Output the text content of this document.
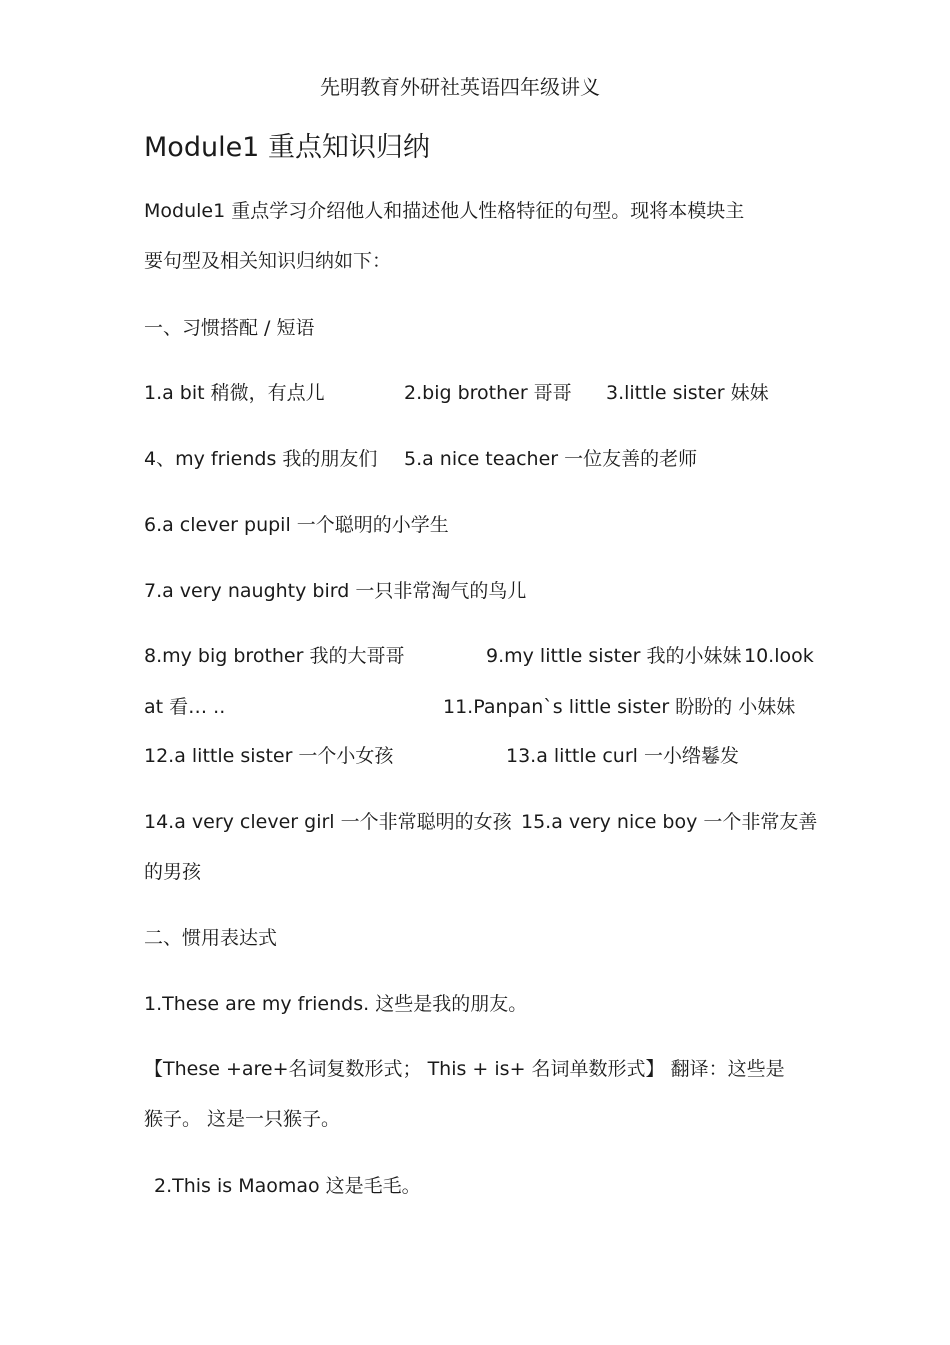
先明教育外研社英语四年级讲义
Module1 重点知识归纳
Module1 重点学习介绍他人和描述他人性格特征的句型。现将本模块主
要句型及相关知识归纳如下：
一、习惯搭配 / 短语
1.a bit 稍微，有点儿	2.big brother 哥哥 3.little sister 妹妹
4、my friends 我的朋友们 5.a nice teacher 一位友善的老师
6.a clever pupil 一个聪明的小学生
7.a very naughty bird 一只非常淘气的鸟儿
8.my big brother 我的大哥哥	9.my little sister 我的小妹妹 10.look
at 看… ..	11.Panpan`s little sister 盼盼的 小妹妹
12.a little sister 一个小女孩	13.a little curl 一小绺鬈发
14.a very clever girl 一个非常聪明的女孩 15.a very nice boy 一个非常友善
的男孩
二、惯用表达式
1.These are my friends. 这些是我的朋友。
【These +are+名词复数形式； This + is+ 名词单数形式】 翻译：这些是
猴子。 这是一只猴子。
2.This is Maomao 这是毛毛。
